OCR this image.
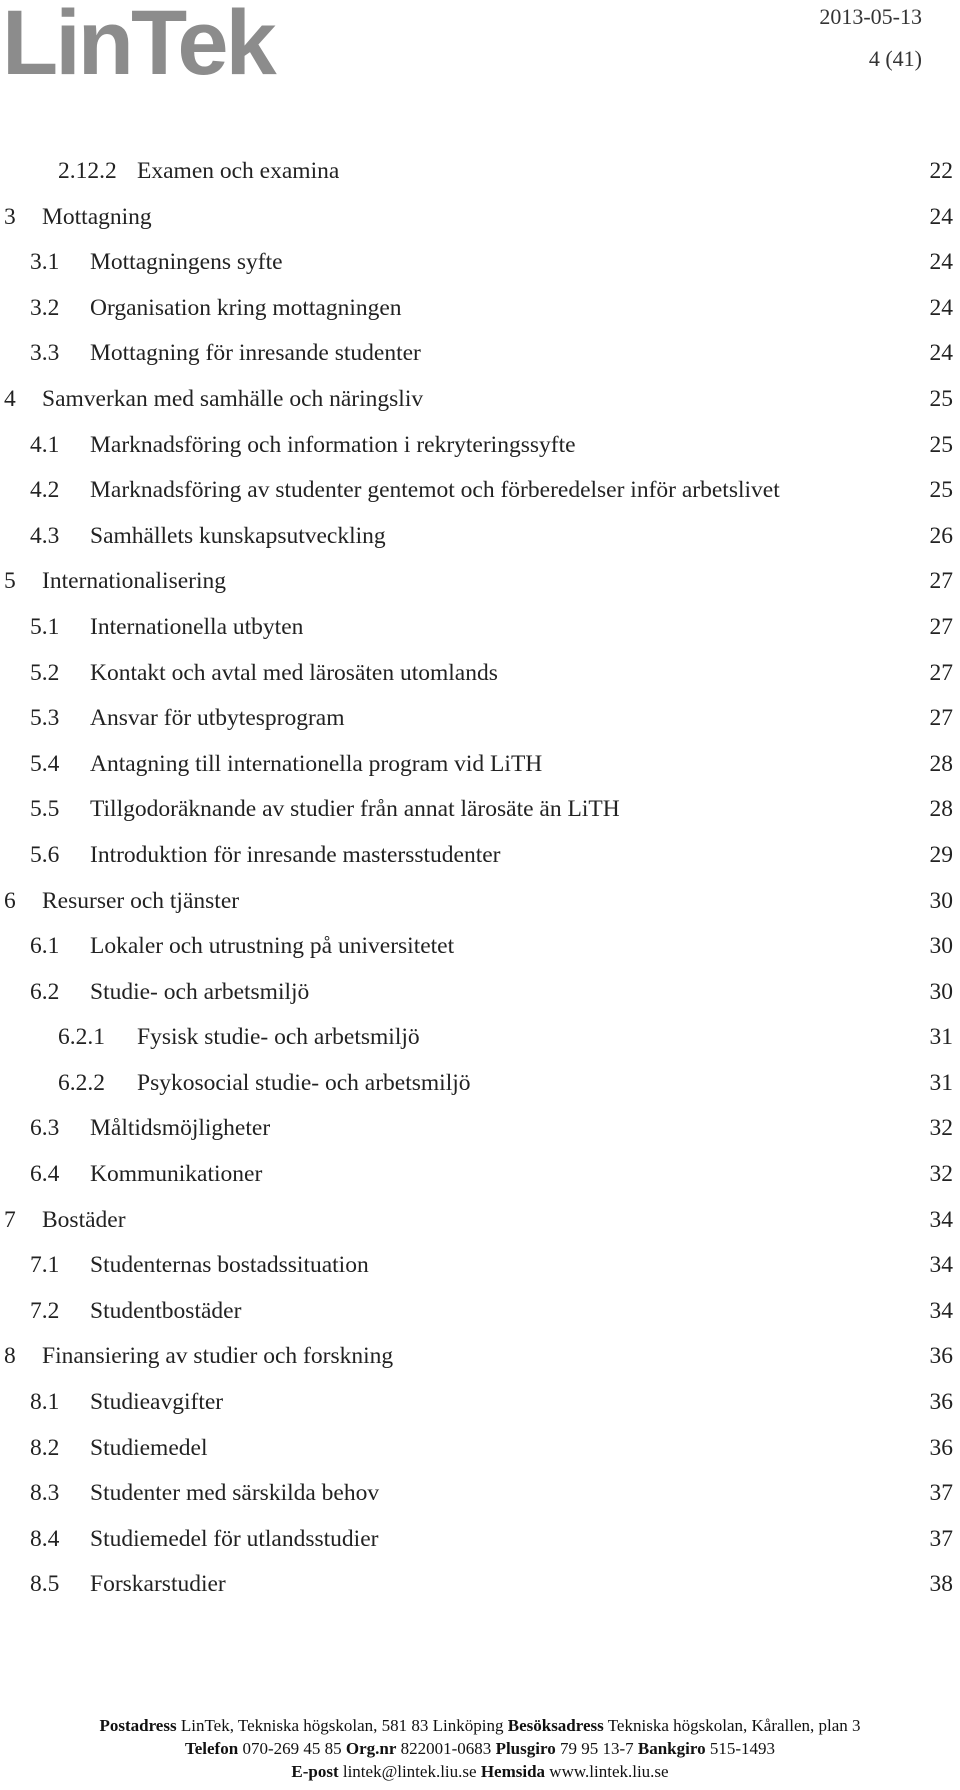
LinTek	2013-05-13
4 (41)
2.12.2 Examen och examina	22
3 Mottagning	24
3.1 Mottagningens syfte	24
3.2 Organisation kring mottagningen	24
3.3 Mottagning för inresande studenter	24
4 Samverkan med samhälle och näringsliv	25
4.1 Marknadsföring och information i rekryteringssyfte	25
4.2 Marknadsföring av studenter gentemot och förberedelser inför arbetslivet	25
4.3 Samhällets kunskapsutveckling	26
5 Internationalisering	27
5.1 Internationella utbyten	27
5.2 Kontakt och avtal med lärosäten utomlands	27
5.3 Ansvar för utbytesprogram	27
5.4 Antagning till internationella program vid LiTH	28
5.5 Tillgodoräknande av studier från annat lärosäte än LiTH	28
5.6 Introduktion för inresande mastersstudenter	29
6 Resurser och tjänster	30
6.1 Lokaler och utrustning på universitetet	30
6.2 Studie- och arbetsmiljö	30
6.2.1 Fysisk studie- och arbetsmiljö	31
6.2.2 Psykosocial studie- och arbetsmiljö	31
6.3 Måltidsmöjligheter	32
6.4 Kommunikationer	32
7 Bostäder	34
7.1 Studenternas bostadssituation	34
7.2 Studentbostäder	34
8 Finansiering av studier och forskning	36
8.1 Studieavgifter	36
8.2 Studiemedel	36
8.3 Studenter med särskilda behov	37
8.4 Studiemedel för utlandsstudier	37
8.5 Forskarstudier	38
Postadress LinTek, Tekniska högskolan, 581 83 Linköping Besöksadress Tekniska högskolan, Kårallen, plan 3
Telefon 070-269 45 85 Org.nr 822001-0683 Plusgiro 79 95 13-7 Bankgiro 515-1493
E-post lintek@lintek.liu.se Hemsida www.lintek.liu.se
